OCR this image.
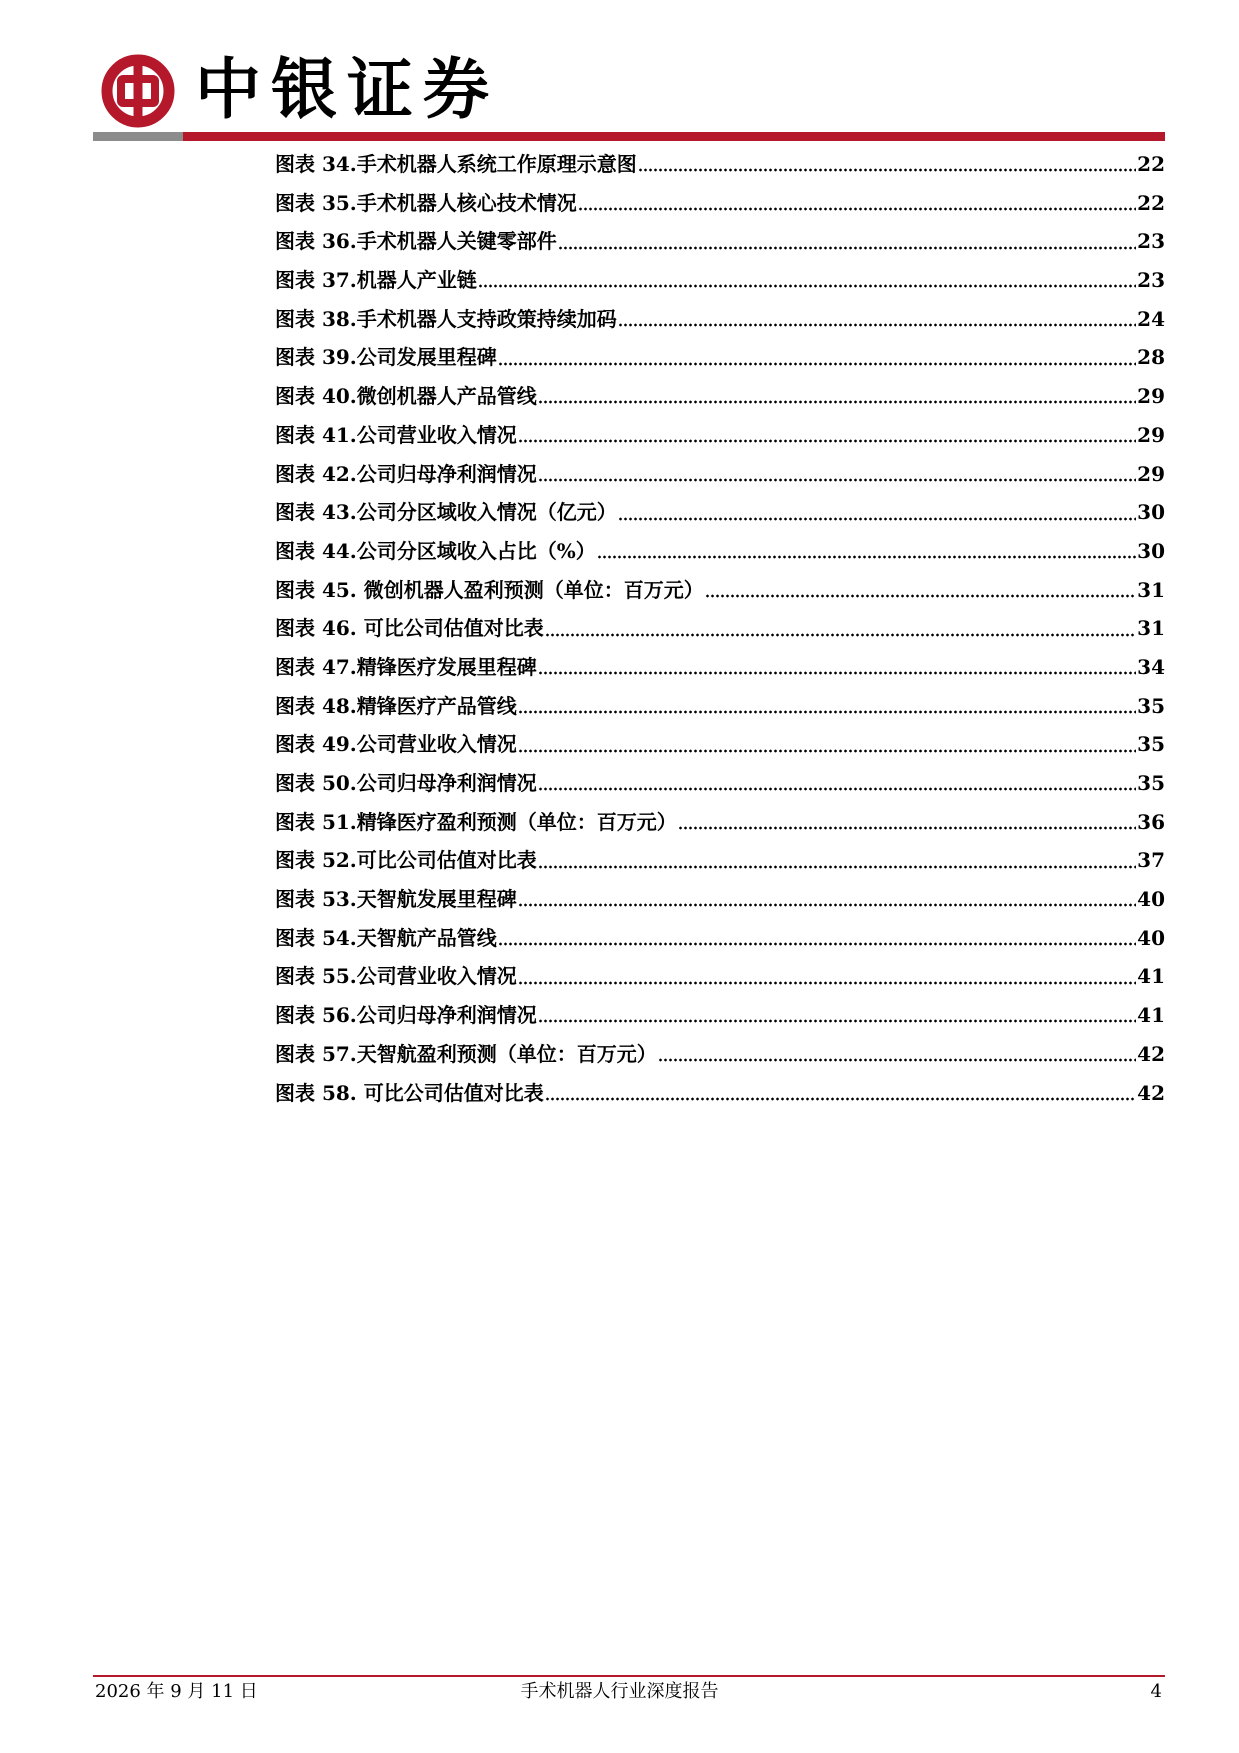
中银证券
图表 34.手术机器人系统工作原理示意图	22
图表 35.手术机器人核心技术情况	22
图表 36.手术机器人关键零部件	23
图表 37.机器人产业链	23
图表 38.手术机器人支持政策持续加码	24
图表 39.公司发展里程碑	28
图表 40.微创机器人产品管线	29
图表 41.公司营业收入情况	29
图表 42.公司归母净利润情况	29
图表 43.公司分区域收入情况（亿元）	30
图表 44.公司分区域收入占比（%）	30
图表 45. 微创机器人盈利预测（单位：百万元）	31
图表 46. 可比公司估值对比表	31
图表 47.精锋医疗发展里程碑	34
图表 48.精锋医疗产品管线	35
图表 49.公司营业收入情况	35
图表 50.公司归母净利润情况	35
图表 51.精锋医疗盈利预测（单位：百万元）	36
图表 52.可比公司估值对比表	37
图表 53.天智航发展里程碑	40
图表 54.天智航产品管线	40
图表 55.公司营业收入情况	41
图表 56.公司归母净利润情况	41
图表 57.天智航盈利预测（单位：百万元）	42
图表 58. 可比公司估值对比表	42
2026 年 9 月 11 日	手术机器人行业深度报告	4
